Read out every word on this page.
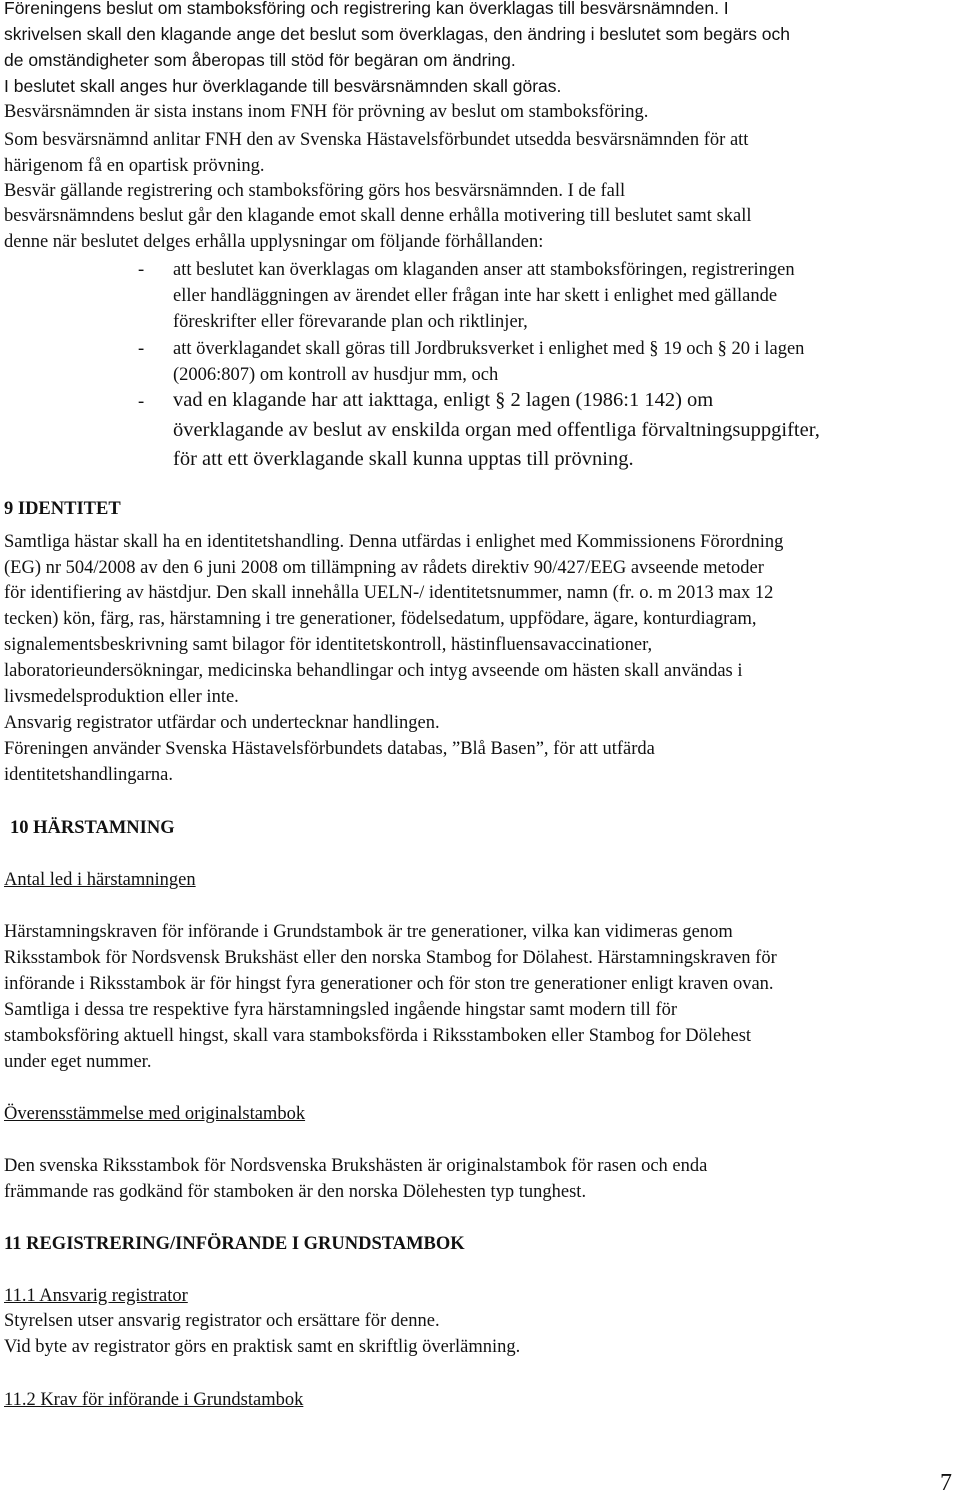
Föreningens beslut om stamboksföring och registrering kan överklagas till besvärsnämnden. I
skrivelsen skall den klagande ange det beslut som överklagas, den ändring i beslutet som begärs och
de omständigheter som åberopas till stöd för begäran om ändring.
I beslutet skall anges hur överklagande till besvärsnämnden skall göras.
Besvärsnämnden är sista instans inom FNH för prövning av beslut om stamboksföring.
Som besvärsnämnd anlitar FNH den av Svenska Hästavelsförbundet utsedda besvärsnämnden för att
härigenom få en opartisk prövning.
Besvär gällande registrering och stamboksföring görs hos besvärsnämnden. I de fall
besvärsnämndens beslut går den klagande emot skall denne erhålla motivering till beslutet samt skall
denne när beslutet delges erhålla upplysningar om följande förhållanden:
- att beslutet kan överklagas om klaganden anser att stamboksföringen, registreringen
eller handläggningen av ärendet eller frågan inte har skett i enlighet med gällande
föreskrifter eller förevarande plan och riktlinjer,
- att överklagandet skall göras till Jordbruksverket i enlighet med § 19 och § 20 i lagen
(2006:807) om kontroll av husdjur mm, och
- vad en klagande har att iakttaga, enligt § 2 lagen (1986:1 142) om
överklagande av beslut av enskilda organ med offentliga förvaltningsuppgifter,
för att ett överklagande skall kunna upptas till prövning.
9 IDENTITET
Samtliga hästar skall ha en identitetshandling. Denna utfärdas i enlighet med Kommissionens Förordning
(EG) nr 504/2008 av den 6 juni 2008 om tillämpning av rådets direktiv 90/427/EEG avseende metoder
för identifiering av hästdjur. Den skall innehålla UELN-/ identitetsnummer, namn (fr. o. m 2013 max 12
tecken) kön, färg, ras, härstamning i tre generationer, födelsedatum, uppfödare, ägare, konturdiagram,
signalementsbeskrivning samt bilagor för identitetskontroll, hästinfluensavaccinationer,
laboratorieundersökningar, medicinska behandlingar och intyg avseende om hästen skall användas i
livsmedelsproduktion eller inte.
Ansvarig registrator utfärdar och undertecknar handlingen.
Föreningen använder Svenska Hästavelsförbundets databas, ”Blå Basen”, för att utfärda
identitetshandlingarna.
10 HÄRSTAMNING
Antal led i härstamningen
Härstamningskraven för införande i Grundstambok är tre generationer, vilka kan vidimeras genom
Riksstambok för Nordsvensk Brukshäst eller den norska Stambog for Dölahest. Härstamningskraven för
införande i Riksstambok är för hingst fyra generationer och för ston tre generationer enligt kraven ovan.
Samtliga i dessa tre respektive fyra härstamningsled ingående hingstar samt modern till för
stamboksföring aktuell hingst, skall vara stamboksförda i Riksstamboken eller Stambog for Dölehest
under eget nummer.
Överensstämmelse med originalstambok
Den svenska Riksstambok för Nordsvenska Brukshästen är originalstambok för rasen och enda
främmande ras godkänd för stamboken är den norska Dölehesten typ tunghest.
11 REGISTRERING/INFÖRANDE I GRUNDSTAMBOK
11.1 Ansvarig registrator
Styrelsen utser ansvarig registrator och ersättare för denne.
Vid byte av registrator görs en praktisk samt en skriftlig överlämning.
11.2 Krav för införande i Grundstambok
7
